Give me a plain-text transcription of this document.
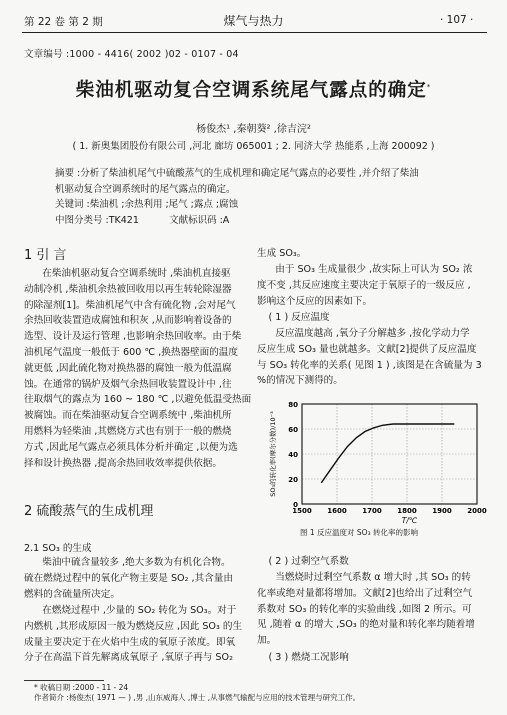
第 22 卷 第 2 期	煤气与热力	· 107 ·
文章编号 :1000 - 4416( 2002 )02 - 0107 - 04
柴油机驱动复合空调系统尾气露点的确定*
杨俊杰¹ ,秦朝葵² ,徐吉浣²
( 1. 新奥集团股份有限公司 ,河北 廊坊 065001 ; 2. 同济大学 热能系 ,上海 200092 )
摘要 :分析了柴油机尾气中硫酸蒸气的生成机理和确定尾气露点的必要性 ,并介绍了柴油
机驱动复合空调系统时的尾气露点的确定。
关键词 :柴油机 ;余热利用 ;尾气 ;露点 ;腐蚀
中图分类号 :TK421          文献标识码 :A
1 引 言
在柴油机驱动复合空调系统时 ,柴油机直接驱
动制冷机 ,柴油机余热被回收用以再生转轮除湿器
的除湿剂[1]。柴油机尾气中含有硫化物 ,会对尾气
余热回收装置造成腐蚀和积灰 ,从而影响着设备的
选型、设计及运行管理 ,也影响余热回收率。由于柴
油机尾气温度一般低于 600 ℃ ,换热器壁面的温度
就更低 ,因此硫化物对换热器的腐蚀一般为低温腐
蚀。在通常的锅炉及烟气余热回收装置设计中 ,往
往取烟气的露点为 160 ~ 180 ℃ ,以避免低温受热面
被腐蚀。而在柴油驱动复合空调系统中 ,柴油机所
用燃料为轻柴油 ,其燃烧方式也有别于一般的燃烧
方式 ,因此尾气露点必须具体分析并确定 ,以便为选
择和设计换热器 ,提高余热回收效率提供依据。
2 硫酸蒸气的生成机理
2.1 SO₃ 的生成
柴油中硫含量较多 ,绝大多数为有机化合物。
硫在燃烧过程中的氧化产物主要是 SO₂ ,其含量由
燃料的含硫量所决定。
在燃烧过程中 ,少量的 SO₂ 转化为 SO₃。对于
内燃机 ,其形成原因一般为燃烧反应 ,因此 SO₃ 的生
成量主要决定于在火焰中生成的氧原子浓度。即氧
分子在高温下首先解离成氧原子 ,氧原子再与 SO₂
生成 SO₃。
由于 SO₃ 生成量很少 ,故实际上可认为 SO₂ 浓
度不变 ,其反应速度主要决定于氧原子的一级反应 ,
影响这个反应的因素如下。
( 1 ) 反应温度
反应温度越高 ,氧分子分解越多 ,按化学动力学
反应生成 SO₃ 量也就越多。文献[2]提供了反应温度
与 SO₃ 转化率的关系( 见图 1 ) ,该图是在含硫量为 3
%的情况下测得的。
0
20
40
60
80
1500 1600 1700 1800 1900 2000
T/℃
SO₃的转化率(摩尔分数)/10⁻³
图 1 反应温度对 SO₃ 转化率的影响
( 2 ) 过剩空气系数
当燃烧时过剩空气系数 α 增大时 ,其 SO₃ 的转
化率或绝对量都将增加。文献[2]也给出了过剩空气
系数对 SO₃ 的转化率的实验曲线 ,如图 2 所示。可
见 ,随着 α 的增大 ,SO₃ 的绝对量和转化率均随着增
加。
( 3 ) 燃烧工况影响
* 收稿日期 :2000 - 11 - 24
作者简介 :杨俊杰( 1971 — ) ,男 ,山东威海人 ,博士 ,从事燃气输配与应用的技术管理与研究工作。
